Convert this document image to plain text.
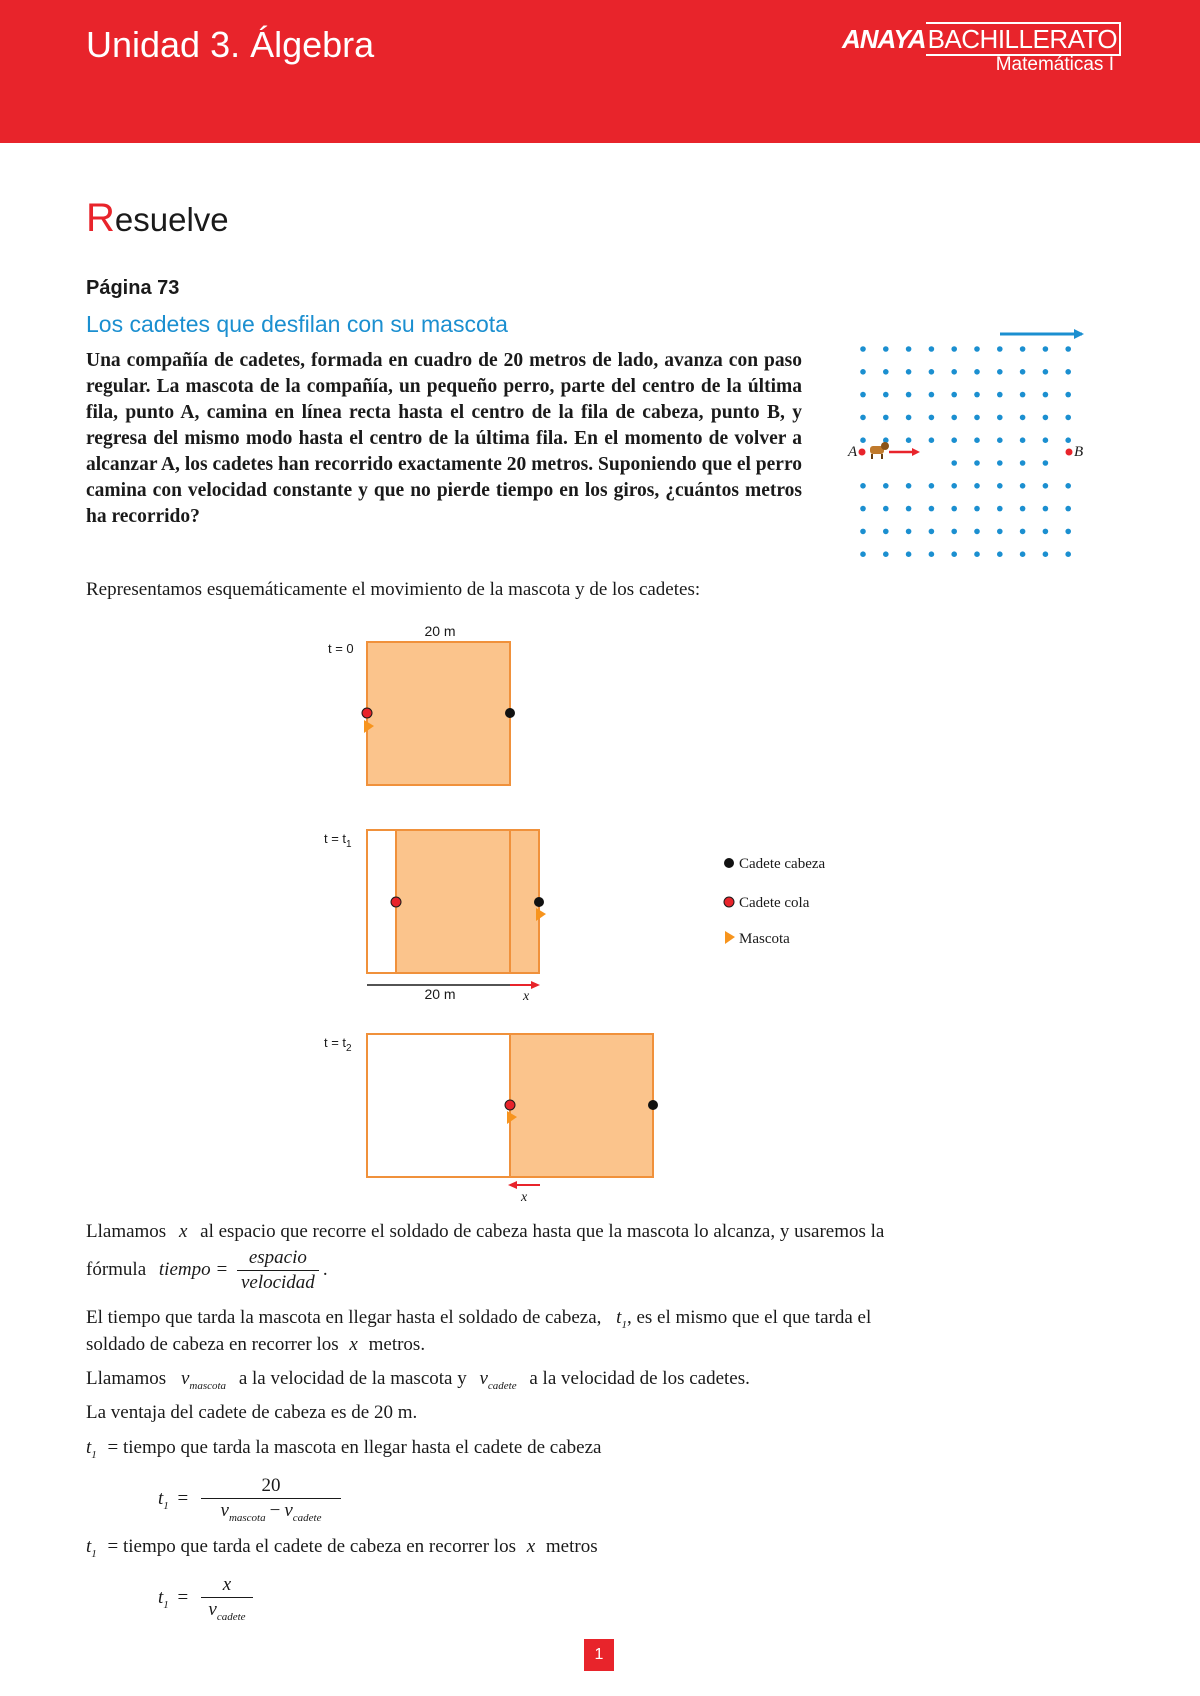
Unidad 3. Álgebra	ANAYABACHILLERATO
Matemáticas I
Resuelve
Página 73
Los cadetes que desfilan con su mascota
Una compañía de cadetes, formada en cuadro de 20 metros de lado, avanza con paso regular. La mascota de la compañía, un pequeño perro, parte del centro de la última fila, punto A, camina en línea recta hasta el centro de la fila de cabeza, punto B, y regresa del mismo modo hasta el centro de la última fila. En el momento de volver a alcanzar A, los cadetes han recorrido exactamente 20 metros. Suponiendo que el perro camina con velocidad constante y que no pierde tiempo en los giros, ¿cuántos metros ha recorrido?
A	B
Representamos esquemáticamente el movimiento de la mascota y de los cadetes:
t = 0
20 m
$t = t_1$
20 m	x
$t = t_2$
x
Cadete cabeza
Cadete cola
Mascota
Llamamos x al espacio que recorre el soldado de cabeza hasta que la mascota lo alcanza, y usaremos la
fórmula tiempo = $\frac{\text{espacio}}{\text{velocidad}}$ .
El tiempo que tarda la mascota en llegar hasta el soldado de cabeza, $t_1$, es el mismo que el que tarda el
soldado de cabeza en recorrer los x metros.
Llamamos $v_{mascota}$ a la velocidad de la mascota y $v_{cadete}$ a la velocidad de los cadetes.
La ventaja del cadete de cabeza es de 20 m.
$t_1$ = tiempo que tarda la mascota en llegar hasta el cadete de cabeza
$t_1 = \frac{20}{v_{mascota} - v_{cadete}}$
$t_1$ = tiempo que tarda el cadete de cabeza en recorrer los x metros
$t_1 = \frac{x}{v_{cadete}}$
1
